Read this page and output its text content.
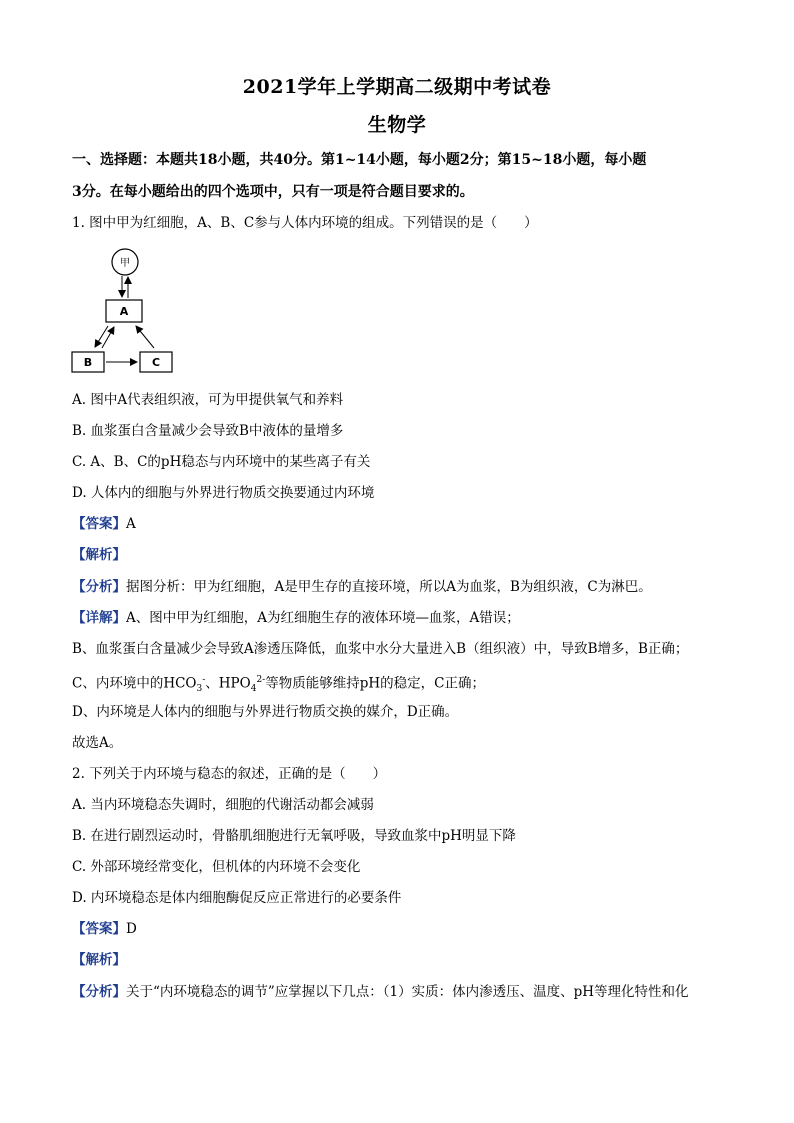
2021学年上学期高二级期中考试卷
生物学
一、选择题：本题共18小题，共40分。第1~14小题，每小题2分；第15~18小题，每小题
3分。在每小题给出的四个选项中，只有一项是符合题目要求的。
1. 图中甲为红细胞，A、B、C参与人体内环境的组成。下列错误的是（　　）
甲
A
B	C
A. 图中A代表组织液，可为甲提供氧气和养料
B. 血浆蛋白含量减少会导致B中液体的量增多
C. A、B、C的pH稳态与内环境中的某些离子有关
D. 人体内的细胞与外界进行物质交换要通过内环境
【答案】A
【解析】
【分析】据图分析：甲为红细胞，A是甲生存的直接环境，所以A为血浆，B为组织液，C为淋巴。
【详解】A、图中甲为红细胞，A为红细胞生存的液体环境—血浆，A错误；
B、血浆蛋白含量减少会导致A渗透压降低，血浆中水分大量进入B（组织液）中，导致B增多，B正确；
C、内环境中的$HCO_3^-$、$HPO_4^{2-}$等物质能够维持pH的稳定，C正确；
D、内环境是人体内的细胞与外界进行物质交换的媒介，D正确。
故选A。
2. 下列关于内环境与稳态的叙述，正确的是（　　）
A. 当内环境稳态失调时，细胞的代谢活动都会减弱
B. 在进行剧烈运动时，骨骼肌细胞进行无氧呼吸，导致血浆中pH明显下降
C. 外部环境经常变化，但机体的内环境不会变化
D. 内环境稳态是体内细胞酶促反应正常进行的必要条件
【答案】D
【解析】
【分析】关于“内环境稳态的调节”应掌握以下几点：（1）实质：体内渗透压、温度、pH等理化特性和化
